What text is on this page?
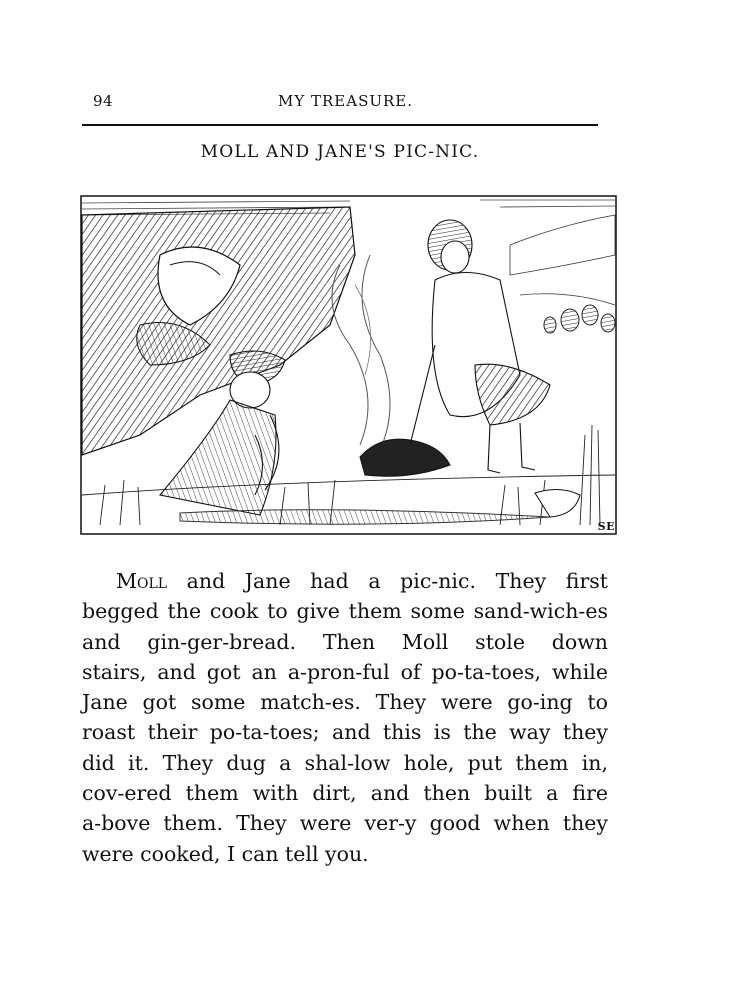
94	MY TREASURE.
MOLL AND JANE'S PIC-NIC.
SE
Moll and Jane had a pic-nic. They first
begged the cook to give them some sand-wich-es
and gin-ger-bread. Then Moll stole down
stairs, and got an a-pron-ful of po-ta-toes, while
Jane got some match-es. They were go-ing to
roast their po-ta-toes; and this is the way they
did it. They dug a shal-low hole, put them in,
cov-ered them with dirt, and then built a fire
a-bove them. They were ver-y good when they
were cooked, I can tell you.
